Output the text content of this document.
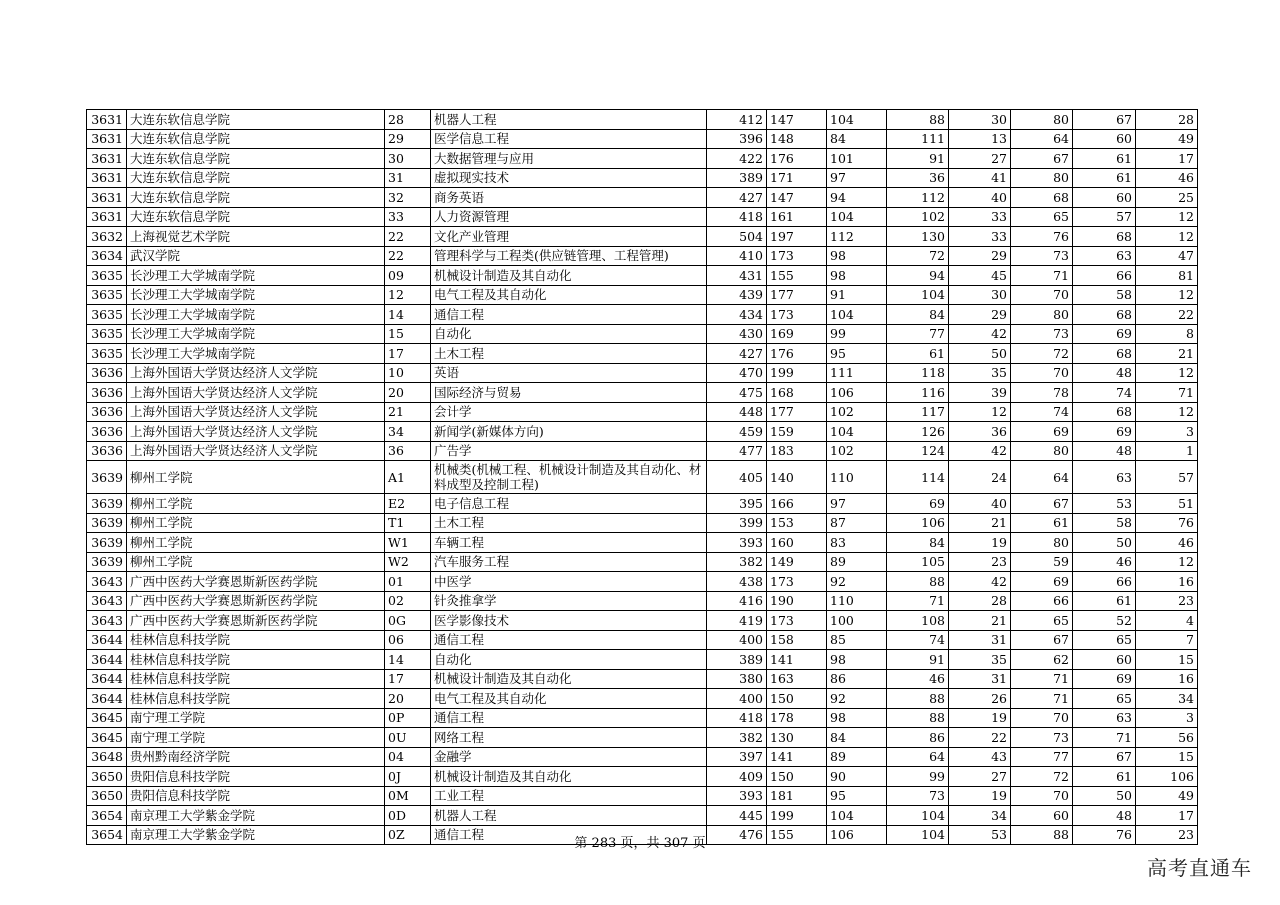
3631	大连东软信息学院	28	机器人工程	412	147	104	88	30	80	67	28
3631	大连东软信息学院	29	医学信息工程	396	148	84	111	13	64	60	49
3631	大连东软信息学院	30	大数据管理与应用	422	176	101	91	27	67	61	17
3631	大连东软信息学院	31	虚拟现实技术	389	171	97	36	41	80	61	46
3631	大连东软信息学院	32	商务英语	427	147	94	112	40	68	60	25
3631	大连东软信息学院	33	人力资源管理	418	161	104	102	33	65	57	12
3632	上海视觉艺术学院	22	文化产业管理	504	197	112	130	33	76	68	12
3634	武汉学院	22	管理科学与工程类(供应链管理、工程管理)	410	173	98	72	29	73	63	47
3635	长沙理工大学城南学院	09	机械设计制造及其自动化	431	155	98	94	45	71	66	81
3635	长沙理工大学城南学院	12	电气工程及其自动化	439	177	91	104	30	70	58	12
3635	长沙理工大学城南学院	14	通信工程	434	173	104	84	29	80	68	22
3635	长沙理工大学城南学院	15	自动化	430	169	99	77	42	73	69	8
3635	长沙理工大学城南学院	17	土木工程	427	176	95	61	50	72	68	21
3636	上海外国语大学贤达经济人文学院	10	英语	470	199	111	118	35	70	48	12
3636	上海外国语大学贤达经济人文学院	20	国际经济与贸易	475	168	106	116	39	78	74	71
3636	上海外国语大学贤达经济人文学院	21	会计学	448	177	102	117	12	74	68	12
3636	上海外国语大学贤达经济人文学院	34	新闻学(新媒体方向)	459	159	104	126	36	69	69	3
3636	上海外国语大学贤达经济人文学院	36	广告学	477	183	102	124	42	80	48	1
3639	柳州工学院	A1	机械类(机械工程、机械设计制造及其自动化、材料成型及控制工程)	405	140	110	114	24	64	63	57
3639	柳州工学院	E2	电子信息工程	395	166	97	69	40	67	53	51
3639	柳州工学院	T1	土木工程	399	153	87	106	21	61	58	76
3639	柳州工学院	W1	车辆工程	393	160	83	84	19	80	50	46
3639	柳州工学院	W2	汽车服务工程	382	149	89	105	23	59	46	12
3643	广西中医药大学赛恩斯新医药学院	01	中医学	438	173	92	88	42	69	66	16
3643	广西中医药大学赛恩斯新医药学院	02	针灸推拿学	416	190	110	71	28	66	61	23
3643	广西中医药大学赛恩斯新医药学院	0G	医学影像技术	419	173	100	108	21	65	52	4
3644	桂林信息科技学院	06	通信工程	400	158	85	74	31	67	65	7
3644	桂林信息科技学院	14	自动化	389	141	98	91	35	62	60	15
3644	桂林信息科技学院	17	机械设计制造及其自动化	380	163	86	46	31	71	69	16
3644	桂林信息科技学院	20	电气工程及其自动化	400	150	92	88	26	71	65	34
3645	南宁理工学院	0P	通信工程	418	178	98	88	19	70	63	3
3645	南宁理工学院	0U	网络工程	382	130	84	86	22	73	71	56
3648	贵州黔南经济学院	04	金融学	397	141	89	64	43	77	67	15
3650	贵阳信息科技学院	0J	机械设计制造及其自动化	409	150	90	99	27	72	61	106
3650	贵阳信息科技学院	0M	工业工程	393	181	95	73	19	70	50	49
3654	南京理工大学紫金学院	0D	机器人工程	445	199	104	104	34	60	48	17
3654	南京理工大学紫金学院	0Z	通信工程	476	155	106	104	53	88	76	23
第 283 页，共 307 页
高考直通车
